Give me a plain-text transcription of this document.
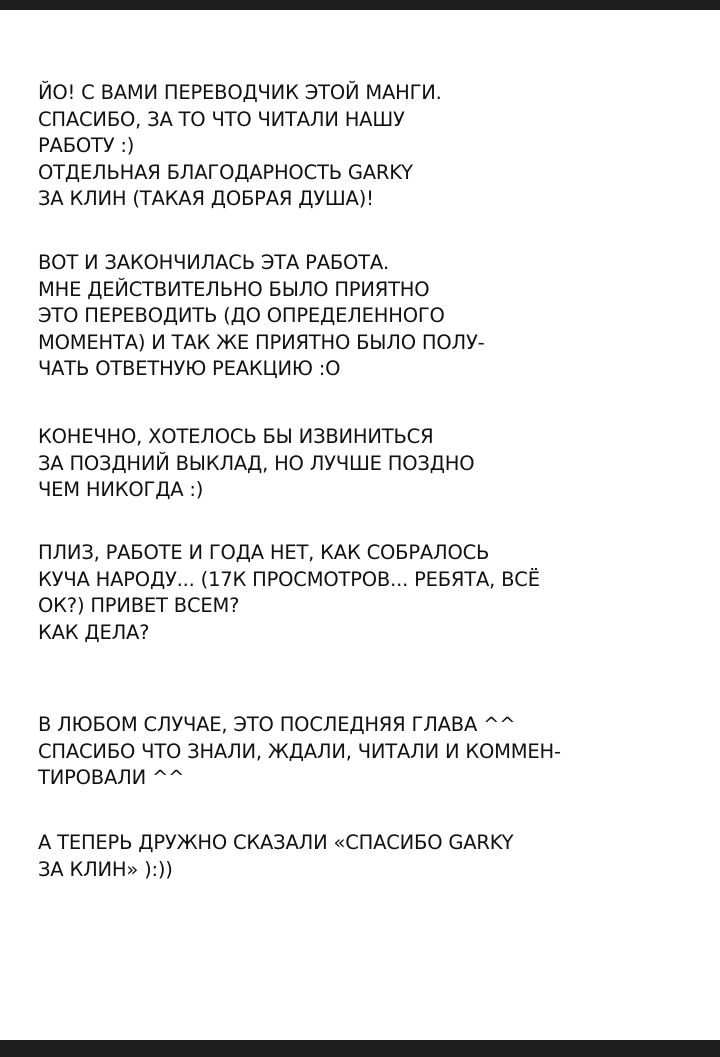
ЙО! С ВАМИ ПЕРЕВОДЧИК ЭТОЙ МАНГИ.
СПАСИБО, ЗА ТО ЧТО ЧИТАЛИ НАШУ
РАБОТУ :)
ОТДЕЛЬНАЯ БЛАГОДАРНОСТЬ GARKY
ЗА КЛИН (ТАКАЯ ДОБРАЯ ДУША)!
ВОТ И ЗАКОНЧИЛАСЬ ЭТА РАБОТА.
МНЕ ДЕЙСТВИТЕЛЬНО БЫЛО ПРИЯТНО
ЭТО ПЕРЕВОДИТЬ (ДО ОПРЕДЕЛЕННОГО
МОМЕНТА) И ТАК ЖЕ ПРИЯТНО БЫЛО ПОЛУ-
ЧАТЬ ОТВЕТНУЮ РЕАКЦИЮ :О
КОНЕЧНО, ХОТЕЛОСЬ БЫ ИЗВИНИТЬСЯ
ЗА ПОЗДНИЙ ВЫКЛАД, НО ЛУЧШЕ ПОЗДНО
ЧЕМ НИКОГДА :)
ПЛИЗ, РАБОТЕ И ГОДА НЕТ, КАК СОБРАЛОСЬ
КУЧА НАРОДУ... (17К ПРОСМОТРОВ... РЕБЯТА, ВСЁ
ОК?) ПРИВЕТ ВСЕМ?
КАК ДЕЛА?
В ЛЮБОМ СЛУЧАЕ, ЭТО ПОСЛЕДНЯЯ ГЛАВА ^^
СПАСИБО ЧТО ЗНАЛИ, ЖДАЛИ, ЧИТАЛИ И КОММЕН-
ТИРОВАЛИ ^^
А ТЕПЕРЬ ДРУЖНО СКАЗАЛИ «СПАСИБО GARKY
ЗА КЛИН» ):))
